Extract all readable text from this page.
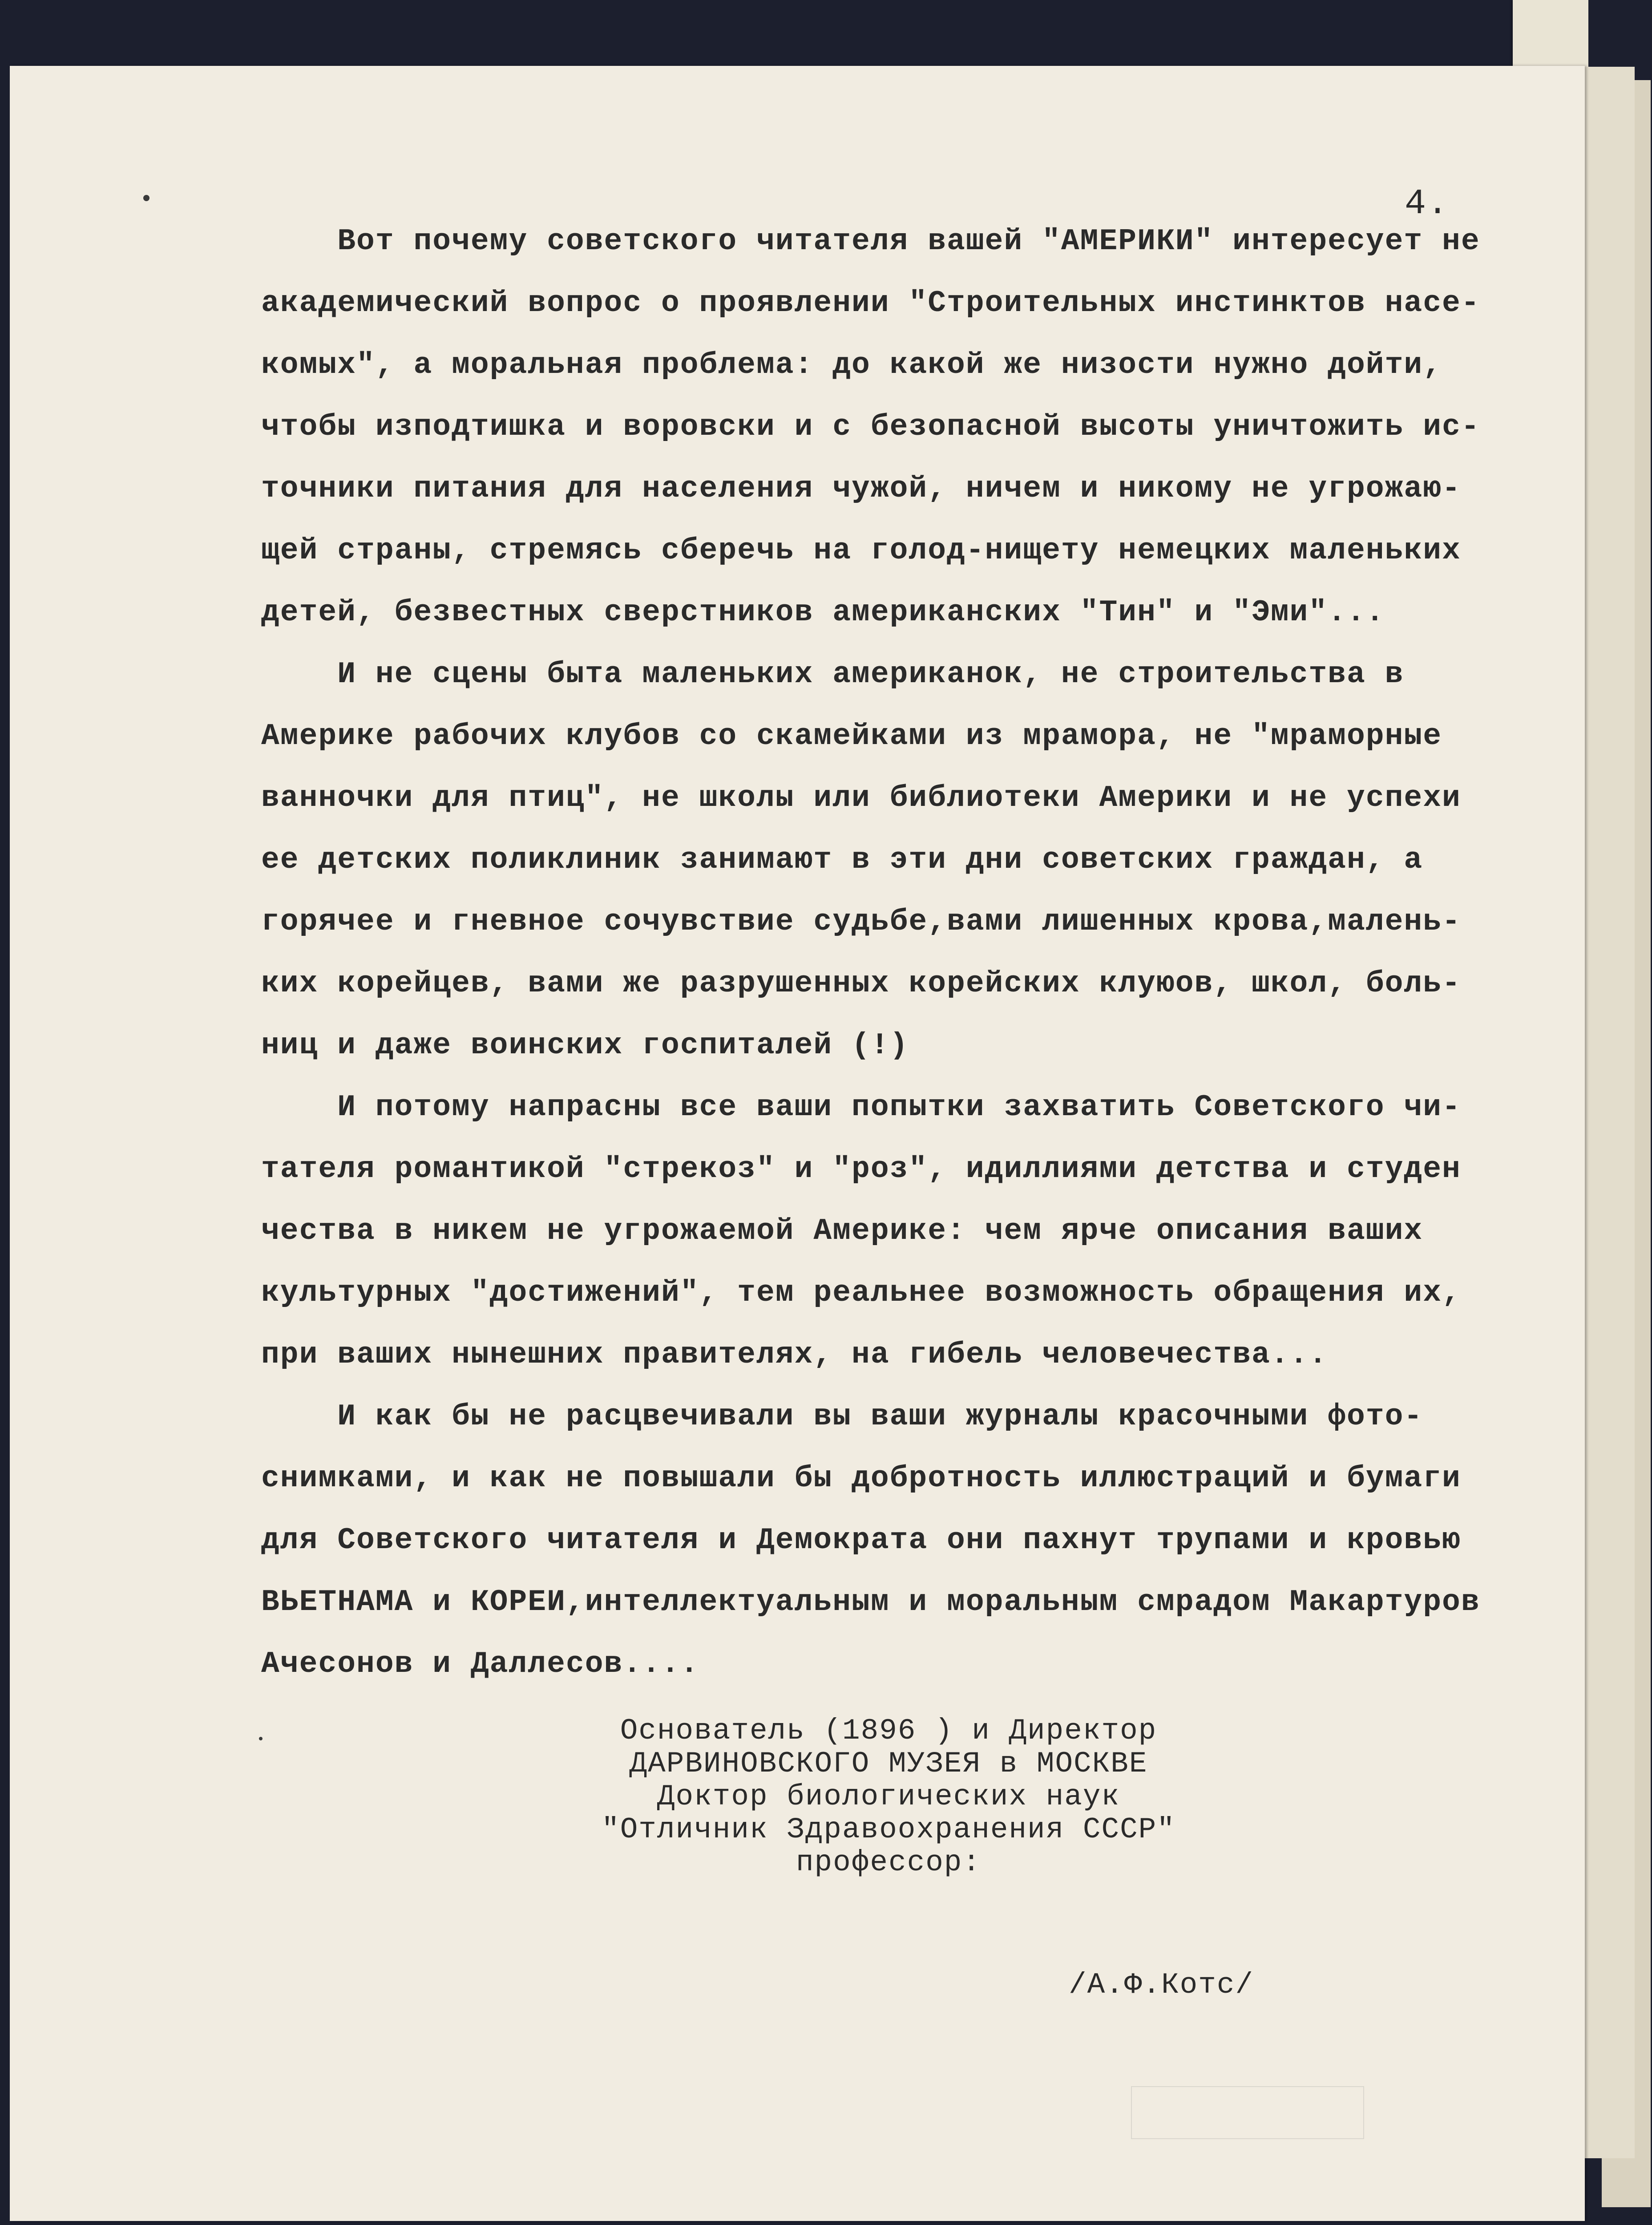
4.

Вот почему советского читателя вашей "АМЕРИКИ" интересует не
академический вопрос о проявлении "Строительных инстинктов насе-
комых", а моральная проблема: до какой же низости нужно дойти,
чтобы изподтишка и воровски и с безопасной высоты уничтожить ис-
точники питания для населения чужой, ничем и никому не угрожаю-
щей страны, стремясь сберечь на голод-нищету немецких маленьких
детей, безвестных сверстников американских "Тин" и "Эми"...
И не сцены быта маленьких американок, не строительства в
Америке рабочих клубов со скамейками из мрамора, не "мраморные
ванночки для птиц", не школы или библиотеки Америки и не успехи
ее детских поликлиник занимают в эти дни советских граждан, а
горячее и гневное сочувствие судьбе,вами лишенных крова,малень-
ких корейцев, вами же разрушенных корейских клуюов, школ, боль-
ниц и даже воинских госпиталей (!)
И потому напрасны все ваши попытки захватить Советского чи-
тателя романтикой "стрекоз" и "роз", идиллиями детства и студен
чества в никем не угрожаемой Америке: чем ярче описания ваших
культурных "достижений", тем реальнее возможность обращения их,
при ваших нынешних правителях, на гибель человечества...
И как бы не расцвечивали вы ваши журналы красочными фото-
снимками, и как не повышали бы добротность иллюстраций и бумаги
для Советского читателя и Демократа они пахнут трупами и кровью
ВЬЕТНАМА и КОРЕИ,интеллектуальным и моральным смрадом Макартуров
Ачесонов и Даллесов....

Основатель (1896 ) и Директор
ДАРВИНОВСКОГО МУЗЕЯ в МОСКВЕ
Доктор биологических наук
"Отличник Здравоохранения СССР"
профессор:

/А.Ф.Котс/
